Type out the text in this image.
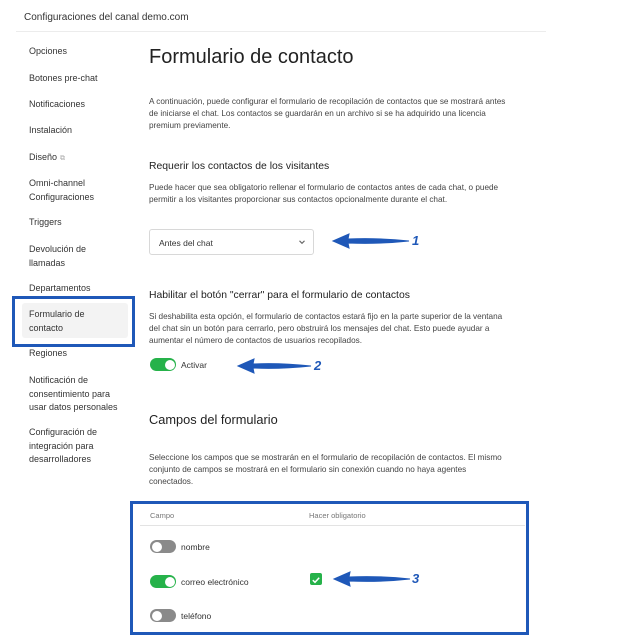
Configuraciones del canal demo.com
Opciones
Botones pre-chat
Notificaciones
Instalación
Diseño ⧉
Omni-channel Configuraciones
Triggers
Devolución de llamadas
Departamentos
Formulario de contacto
Regiones
Notificación de consentimiento para usar datos personales
Configuración de integración para desarrolladores
Formulario de contacto
A continuación, puede configurar el formulario de recopilación de contactos que se mostrará antes de iniciarse el chat. Los contactos se guardarán en un archivo si se ha adquirido una licencia premium previamente.
Requerir los contactos de los visitantes
Puede hacer que sea obligatorio rellenar el formulario de contactos antes de cada chat, o puede permitir a los visitantes proporcionar sus contactos opcionalmente durante el chat.
Antes del chat
Habilitar el botón "cerrar" para el formulario de contactos
Si deshabilita esta opción, el formulario de contactos estará fijo en la parte superior de la ventana del chat sin un botón para cerrarlo, pero obstruirá los mensajes del chat. Esto puede ayudar a aumentar el número de contactos de usuarios recopilados.
Activar
Campos del formulario
Seleccione los campos que se mostrarán en el formulario de recopilación de contactos. El mismo conjunto de campos se mostrará en el formulario sin conexión cuando no haya agentes conectados.
Campo	Hacer obligatorio
nombre
correo electrónico
teléfono
1
2
3
